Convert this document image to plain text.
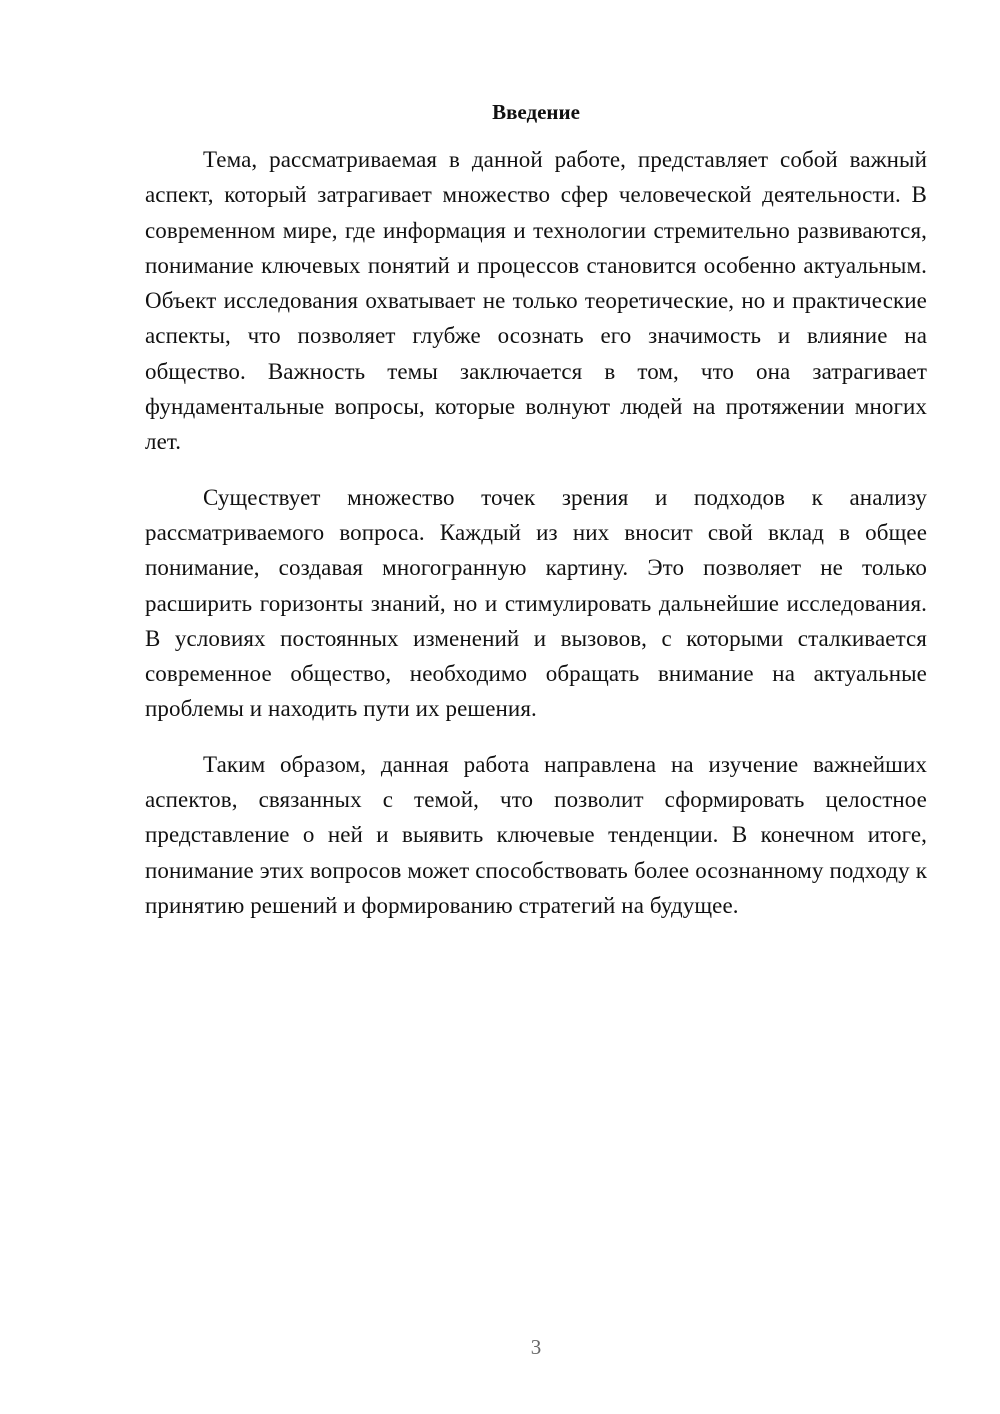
Введение

Тема, рассматриваемая в данной работе, представляет собой важный аспект, который затрагивает множество сфер человеческой деятельности. В современном мире, где информация и технологии стремительно развиваются, понимание ключевых понятий и процессов становится особенно актуальным. Объект исследования охватывает не только теоретические, но и практические аспекты, что позволяет глубже осознать его значимость и влияние на общество. Важность темы заключается в том, что она затрагивает фундаментальные вопросы, которые волнуют людей на протяжении многих лет.

Существует множество точек зрения и подходов к анализу рассматриваемого вопроса. Каждый из них вносит свой вклад в общее понимание, создавая многогранную картину. Это позволяет не только расширить горизонты знаний, но и стимулировать дальнейшие исследования. В условиях постоянных изменений и вызовов, с которыми сталкивается современное общество, необходимо обращать внимание на актуальные проблемы и находить пути их решения.

Таким образом, данная работа направлена на изучение важнейших аспектов, связанных с темой, что позволит сформировать целостное представление о ней и выявить ключевые тенденции. В конечном итоге, понимание этих вопросов может способствовать более осознанному подходу к принятию решений и формированию стратегий на будущее.

3
